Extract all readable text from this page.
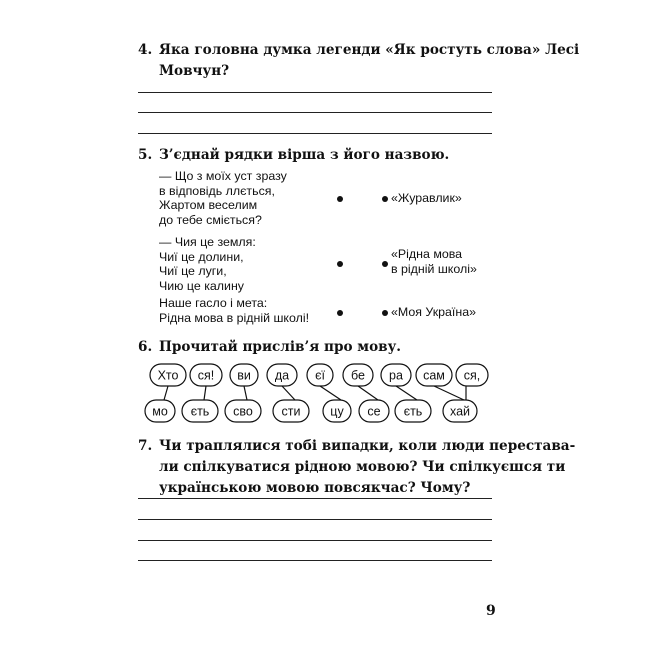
4. Яка головна думка легенди «Як ростуть слова» Лесі
Мовчун?
5. З’єднай рядки вірша з його назвою.
— Що з моїх уст зразу
в відповідь ллється,
Жартом веселим
до тебе сміється?
«Журавлик»
— Чия це земля:
Чиї це долини,
Чиї це луги,
Чию це калину
«Рідна мова
в рідній школі»
Наше гасло і мета:
Рідна мова в рідній школі!	«Моя Україна»
6. Прочитай прислів’я про мову.
Хто ся! ви да єї бе ра сам ся,
мо єть сво сти цу се єть хай
7. Чи траплялися тобі випадки, коли люди перестава-
ли спілкуватися рідною мовою? Чи спілкуєшся ти
українською мовою повсякчас? Чому?
9
